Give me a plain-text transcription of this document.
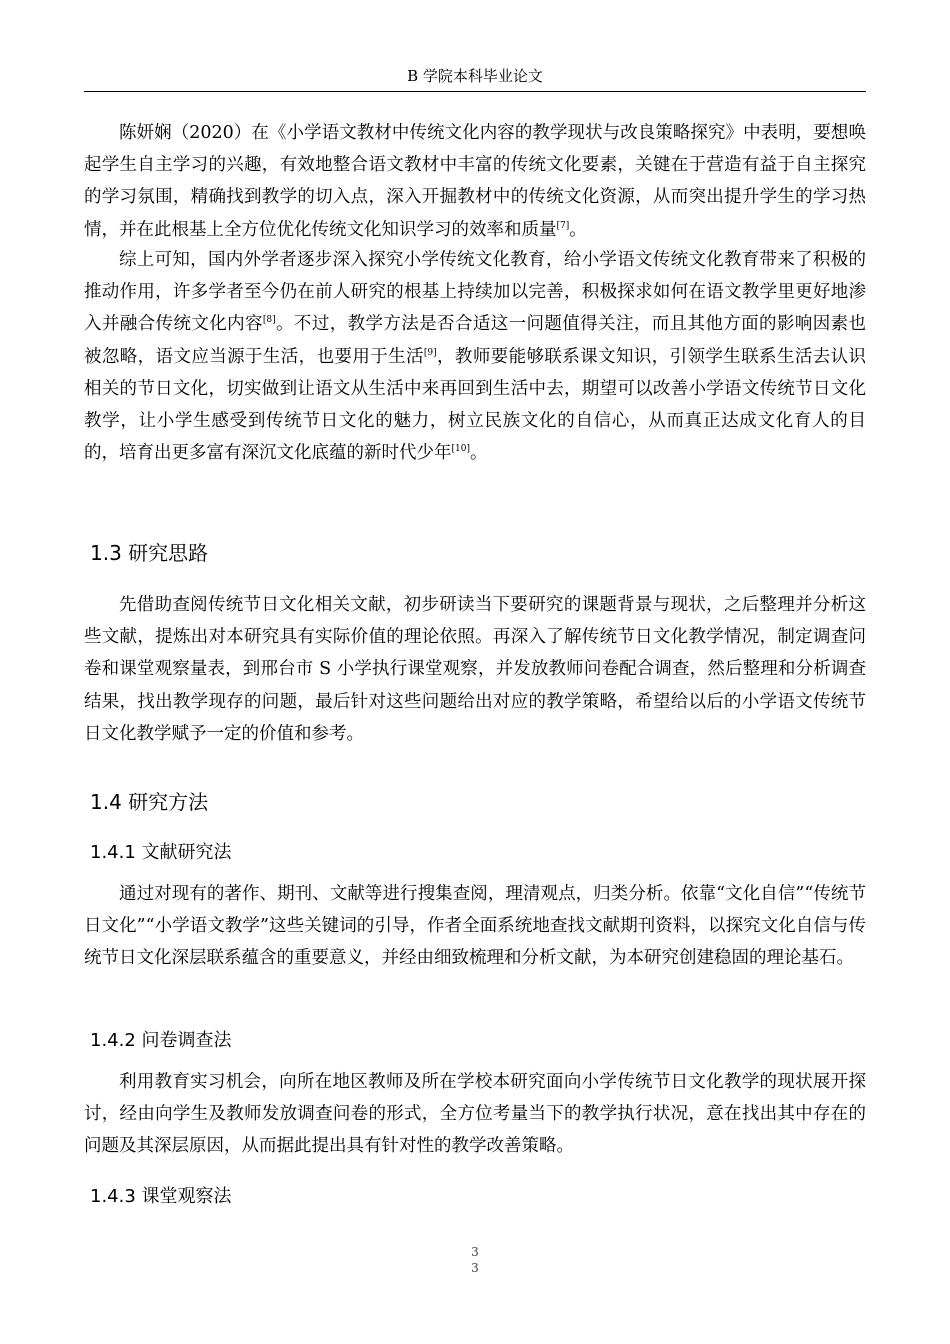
B 学院本科毕业论文

陈妍娴（2020）在《小学语文教材中传统文化内容的教学现状与改良策略探究》中表明，要想唤起学生自主学习的兴趣，有效地整合语文教材中丰富的传统文化要素，关键在于营造有益于自主探究的学习氛围，精确找到教学的切入点，深入开掘教材中的传统文化资源，从而突出提升学生的学习热情，并在此根基上全方位优化传统文化知识学习的效率和质量[7]。

综上可知，国内外学者逐步深入探究小学传统文化教育，给小学语文传统文化教育带来了积极的推动作用，许多学者至今仍在前人研究的根基上持续加以完善，积极探求如何在语文教学里更好地渗入并融合传统文化内容[8]。不过，教学方法是否合适这一问题值得关注，而且其他方面的影响因素也被忽略，语文应当源于生活，也要用于生活[9]，教师要能够联系课文知识，引领学生联系生活去认识相关的节日文化，切实做到让语文从生活中来再回到生活中去，期望可以改善小学语文传统节日文化教学，让小学生感受到传统节日文化的魅力，树立民族文化的自信心，从而真正达成文化育人的目的，培育出更多富有深沉文化底蕴的新时代少年[10]。

1.3 研究思路

先借助查阅传统节日文化相关文献，初步研读当下要研究的课题背景与现状，之后整理并分析这些文献，提炼出对本研究具有实际价值的理论依照。再深入了解传统节日文化教学情况，制定调查问卷和课堂观察量表，到邢台市 S 小学执行课堂观察，并发放教师问卷配合调查，然后整理和分析调查结果，找出教学现存的问题，最后针对这些问题给出对应的教学策略，希望给以后的小学语文传统节日文化教学赋予一定的价值和参考。

1.4 研究方法
1.4.1 文献研究法

通过对现有的著作、期刊、文献等进行搜集查阅，理清观点，归类分析。依靠“文化自信”“传统节日文化”“小学语文教学”这些关键词的引导，作者全面系统地查找文献期刊资料，以探究文化自信与传统节日文化深层联系蕴含的重要意义，并经由细致梳理和分析文献，为本研究创建稳固的理论基石。

1.4.2 问卷调查法

利用教育实习机会，向所在地区教师及所在学校本研究面向小学传统节日文化教学的现状展开探讨，经由向学生及教师发放调查问卷的形式，全方位考量当下的教学执行状况，意在找出其中存在的问题及其深层原因，从而据此提出具有针对性的教学改善策略。

1.4.3 课堂观察法
3
3
